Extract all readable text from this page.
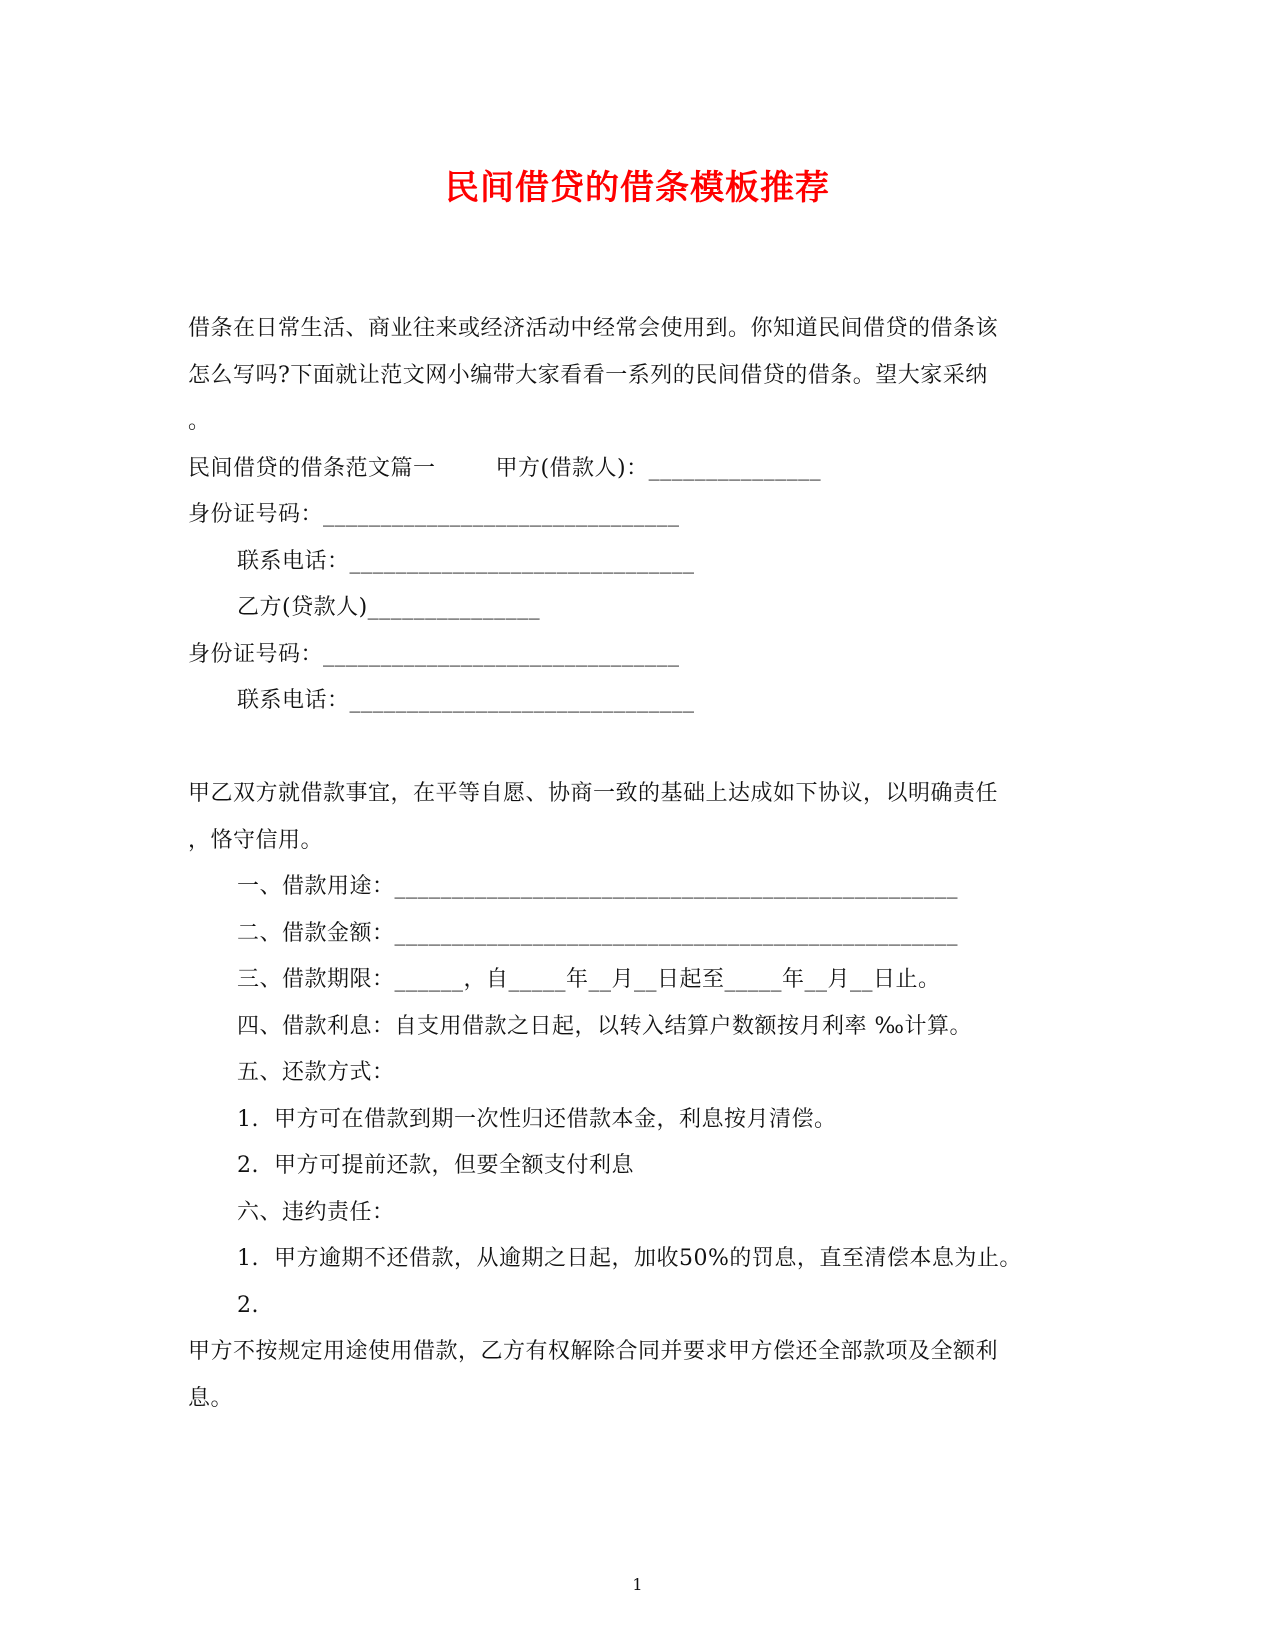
民间借贷的借条模板推荐
借条在日常生活、商业往来或经济活动中经常会使用到。你知道民间借贷的借条该
怎么写吗?下面就让范文网小编带大家看看一系列的民间借贷的借条。望大家采纳
。
民间借贷的借条范文篇一        甲方(借款人)：_______________
身份证号码：_______________________________
联系电话：______________________________
乙方(贷款人)_______________
身份证号码：_______________________________
联系电话：______________________________
甲乙双方就借款事宜，在平等自愿、协商一致的基础上达成如下协议，以明确责任
，恪守信用。
一、借款用途：_________________________________________________
二、借款金额：_________________________________________________
三、借款期限：______，自_____年__月__日起至_____年__月__日止。
四、借款利息：自支用借款之日起，以转入结算户数额按月利率 ‰计算。
五、还款方式：
1.  甲方可在借款到期一次性归还借款本金，利息按月清偿。
2.  甲方可提前还款，但要全额支付利息
六、违约责任：
1.  甲方逾期不还借款，从逾期之日起，加收50%的罚息，直至清偿本息为止。
2.
甲方不按规定用途使用借款，乙方有权解除合同并要求甲方偿还全部款项及全额利
息。
1
